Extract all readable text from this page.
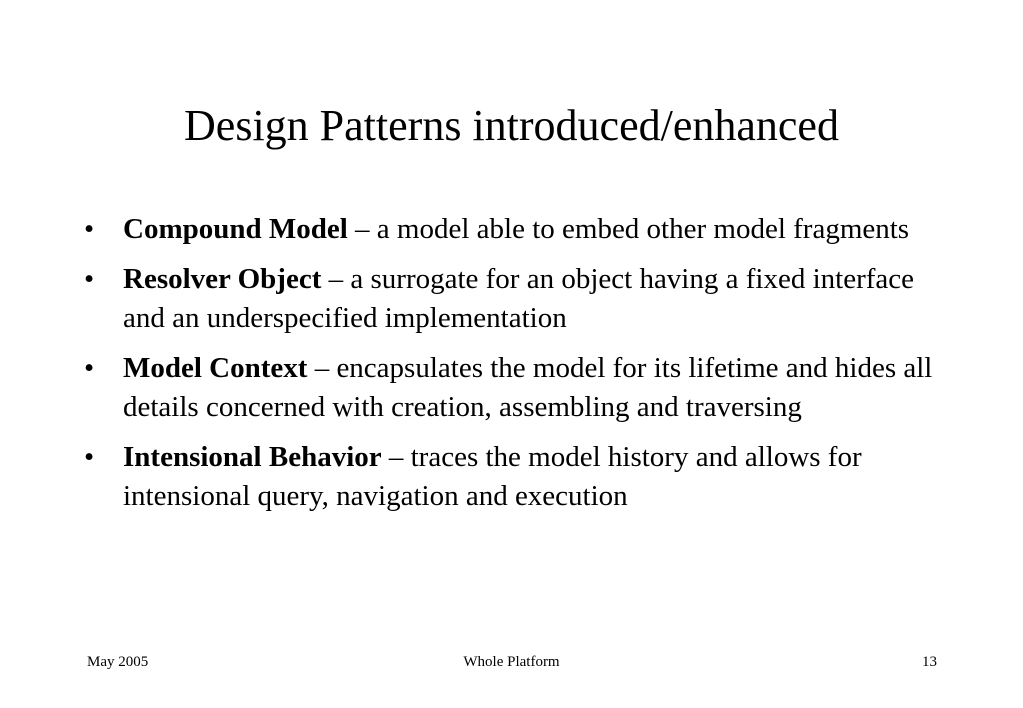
Design Patterns introduced/enhanced
• Compound Model – a model able to embed other model fragments
• Resolver Object – a surrogate for an object having a fixed interface and an underspecified implementation
• Model Context – encapsulates the model for its lifetime and hides all details concerned with creation, assembling and traversing
• Intensional Behavior – traces the model history and allows for intensional query, navigation and execution
May 2005	Whole Platform	13
